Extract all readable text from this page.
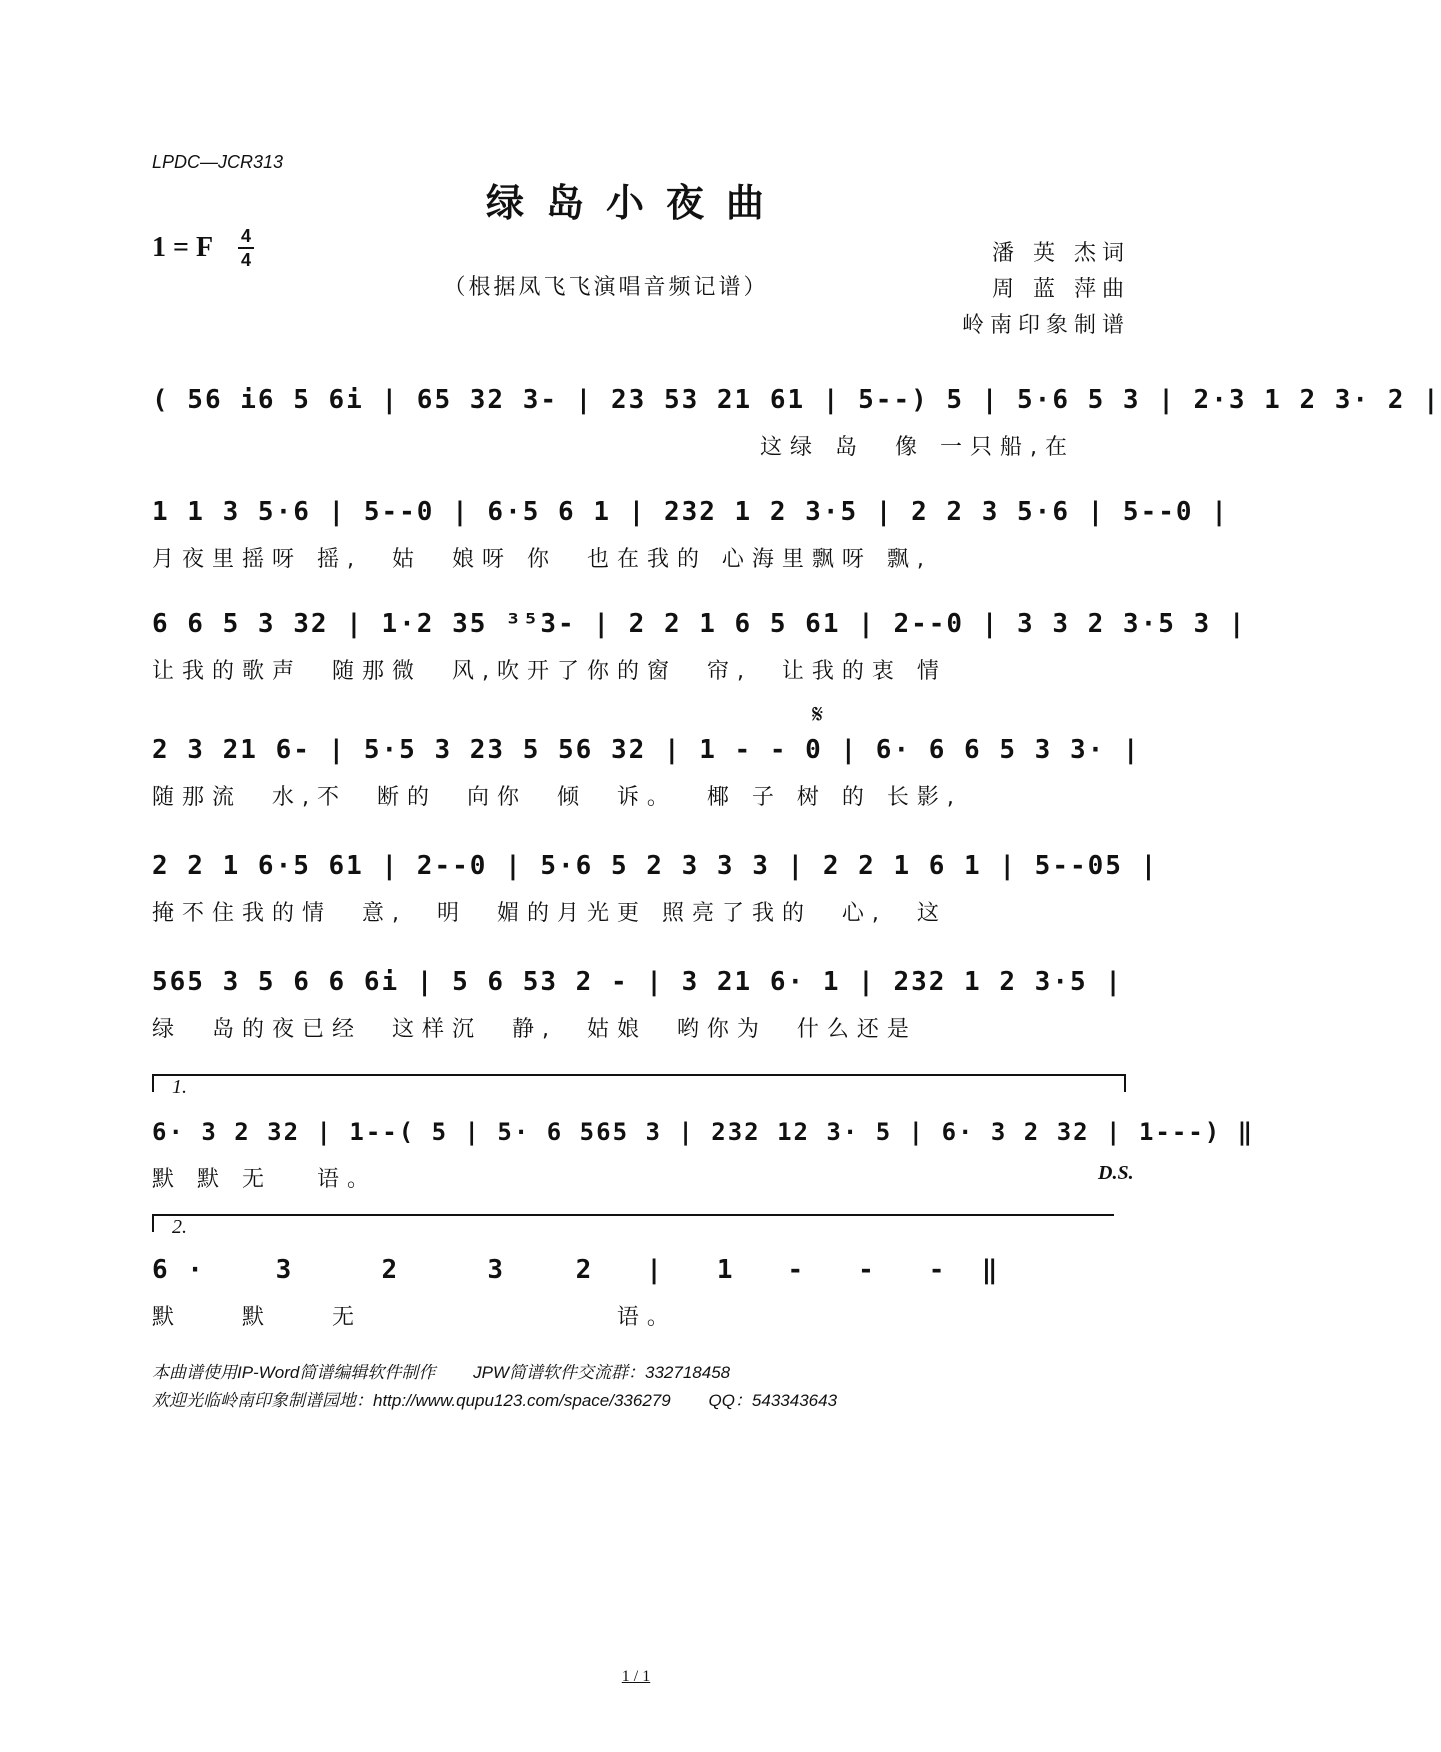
LPDC—JCR313
绿岛小夜曲
1 = F 4
4
（根据凤飞飞演唱音频记谱）
潘 英 杰词
周 蓝 萍曲
岭南印象制谱
( 56 i6 5 6i | 65 32 3- | 23 53 21 61 | 5--) 5 | 5·6 5 3 | 2·3 1 2 3· 2 |
这绿 岛  像 一只船,在
1 1 3 5·6 | 5--0 | 6·5 6 1 | 232 1 2 3·5 | 2 2 3 5·6 | 5--0 |
月夜里摇呀 摇,  姑  娘呀 你  也在我的 心海里飘呀 飘,
6 6 5 3 32 | 1·2 35 ³⁵3- | 2 2 1 6 5 61 | 2--0 | 3 3 2 3·5 3 |
让我的歌声  随那微  风,吹开了你的窗  帘,  让我的衷 情
𝄋
2 3 21 6- | 5·5 3 23 5 56 32 | 1 - - 0 | 6· 6 6 5 3 3· |
随那流  水,不  断的  向你  倾  诉。  椰 子 树 的 长影,
2 2 1 6·5 61 | 2--0 | 5·6 5 2 3 3 3 | 2 2 1 6 1 | 5--05 |
掩不住我的情  意,  明  媚的月光更 照亮了我的  心,  这
565 3 5 6 6 6i | 5 6 53 2 - | 3 21 6· 1 | 232 1 2 3·5 |
绿  岛的夜已经  这样沉  静,  姑娘  哟你为  什么还是
1.
6· 3 2 32 | 1--( 5 | 5· 6 565 3 | 232 12 3· 5 | 6· 3 2 32 | 1---) ‖
默 默 无   语。	D.S.
2.
6 ·    3     2     3    2   |   1   -   -   -  ‖
默    默    无                 语。
本曲谱使用IP-Word简谱编辑软件制作        JPW简谱软件交流群：332718458
欢迎光临岭南印象制谱园地：http://www.qupu123.com/space/336279        QQ：543343643
1 / 1
